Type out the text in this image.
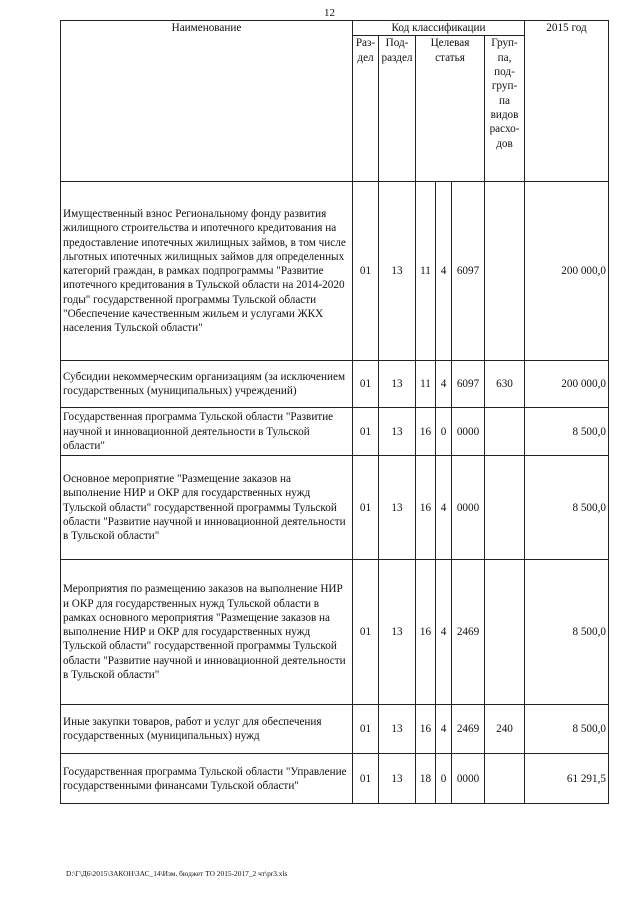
12
Наименование	Код классификации						2015 год
	Раз-дел	Под-раздел	Целевая статья			Груп-па, под-груп-па видов расхо-дов	
Имущественный взнос Региональному фонду развития жилищного строительства и ипотечного кредитования на предоставление ипотечных жилищных займов, в том числе льготных ипотечных жилищных займов для определенных категорий граждан, в рамках подпрограммы "Развитие ипотечного кредитования в Тульской области на 2014-2020 годы" государственной программы Тульской области "Обеспечение качественным жильем и услугами ЖКХ населения Тульской области"	01	13	11	4	6097		200 000,0
Субсидии некоммерческим организациям (за исключением государственных (муниципальных) учреждений)	01	13	11	4	6097	630	200 000,0
Государственная программа Тульской области "Развитие научной и инновационной деятельности в Тульской области"	01	13	16	0	0000		8 500,0
Основное мероприятие "Размещение заказов на выполнение НИР и ОКР для государственных нужд Тульской области" государственной программы Тульской области "Развитие научной и инновационной деятельности в Тульской области"	01	13	16	4	0000		8 500,0
Мероприятия по размещению заказов на выполнение НИР и ОКР для государственных нужд Тульской области в рамках основного мероприятия "Размещение заказов на выполнение НИР и ОКР для государственных нужд Тульской области" государственной программы Тульской области "Развитие научной и инновационной деятельности в Тульской области"	01	13	16	4	2469		8 500,0
Иные закупки товаров, работ и услуг для обеспечения государственных (муниципальных) нужд	01	13	16	4	2469	240	8 500,0
Государственная программа Тульской области "Управление государственными финансами Тульской области"	01	13	18	0	0000		61 291,5
D:\Г\Д6\2015\ЗАКОН\ЗАС_14\Изм. бюджет ТО 2015-2017_2 чт\pr3.xls
